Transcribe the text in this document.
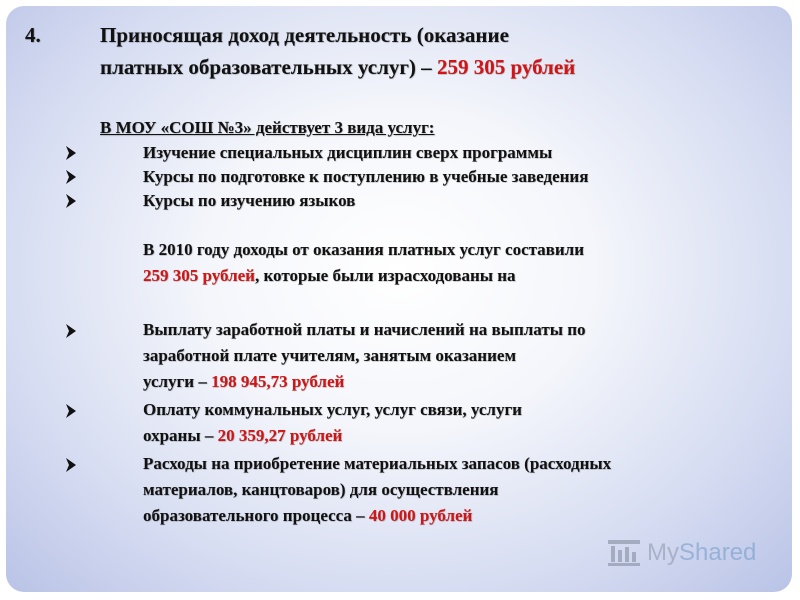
4.	Приносящая доход деятельность (оказание
платных образовательных услуг) – 259 305 рублей
В МОУ «СОШ №3» действует 3 вида услуг:
Изучение специальных дисциплин сверх программы
Курсы по подготовке к поступлению в учебные заведения
Курсы по изучению языков
В 2010 году доходы от оказания платных услуг составили
259 305 рублей, которые были израсходованы на
Выплату заработной платы и начислений на выплаты по
заработной плате учителям, занятым оказанием
услуги – 198 945,73 рублей
Оплату коммунальных услуг, услуг связи, услуги
охраны – 20 359,27 рублей
Расходы на приобретение материальных запасов (расходных
материалов, канцтоваров) для осуществления
образовательного процесса – 40 000 рублей
MyShared
